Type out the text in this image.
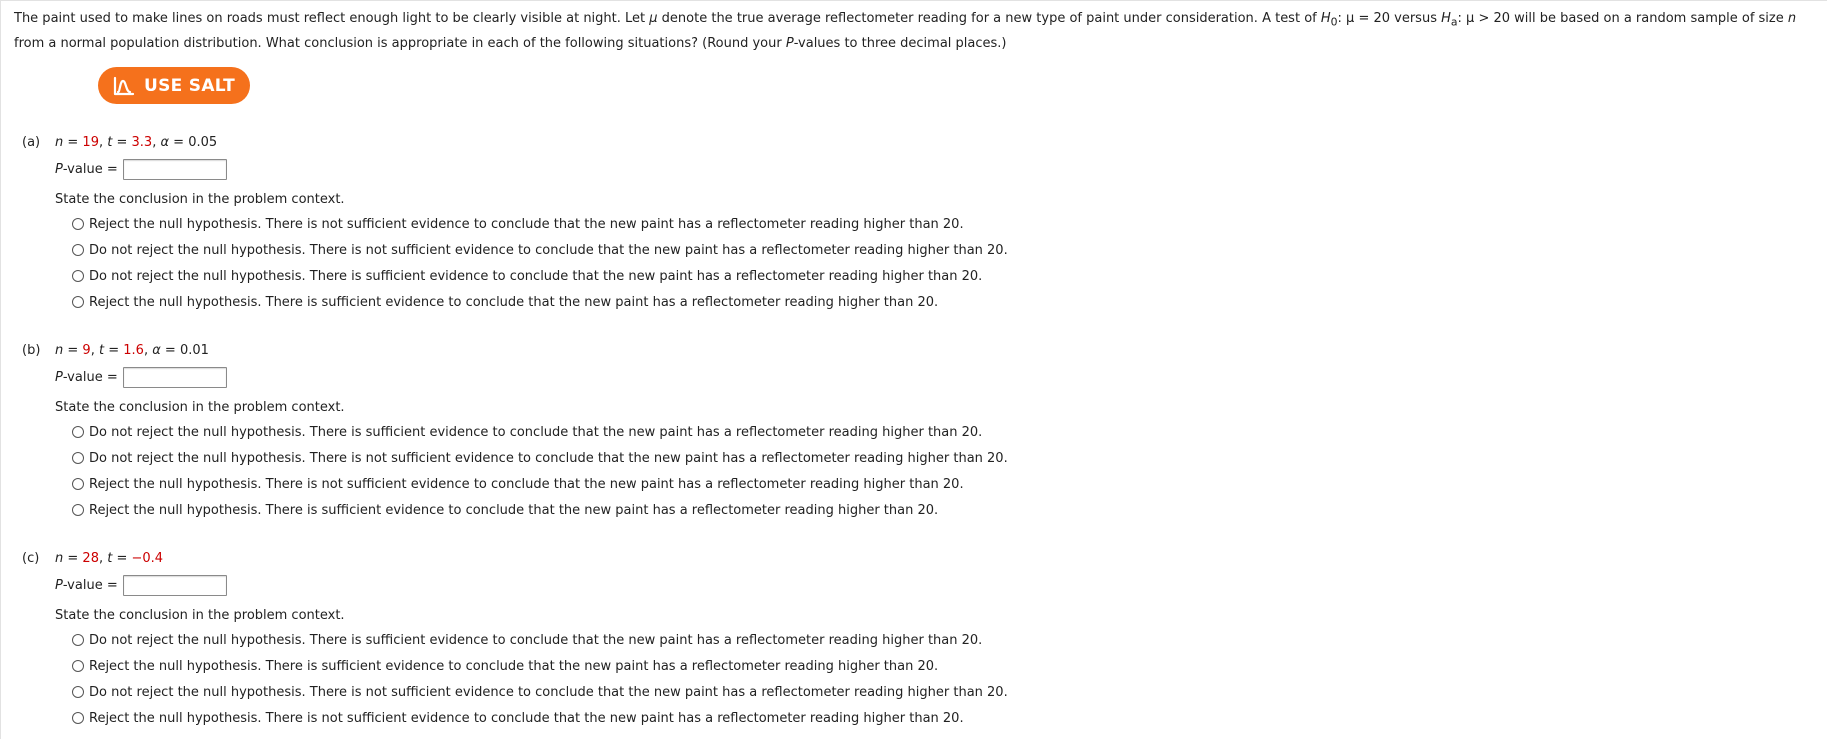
The paint used to make lines on roads must reflect enough light to be clearly visible at night. Let μ denote the true average reflectometer reading for a new type of paint under consideration. A test of $H_0$: μ = 20 versus $H_a$: μ > 20 will be based on a random sample of size n from a normal population distribution. What conclusion is appropriate in each of the following situations? (Round your P-values to three decimal places.)
USE SALT
(a) n = 19, t = 3.3, α = 0.05
P-value =
State the conclusion in the problem context.
Reject the null hypothesis. There is not sufficient evidence to conclude that the new paint has a reflectometer reading higher than 20.
Do not reject the null hypothesis. There is not sufficient evidence to conclude that the new paint has a reflectometer reading higher than 20.
Do not reject the null hypothesis. There is sufficient evidence to conclude that the new paint has a reflectometer reading higher than 20.
Reject the null hypothesis. There is sufficient evidence to conclude that the new paint has a reflectometer reading higher than 20.
(b) n = 9, t = 1.6, α = 0.01
P-value =
State the conclusion in the problem context.
Do not reject the null hypothesis. There is sufficient evidence to conclude that the new paint has a reflectometer reading higher than 20.
Do not reject the null hypothesis. There is not sufficient evidence to conclude that the new paint has a reflectometer reading higher than 20.
Reject the null hypothesis. There is not sufficient evidence to conclude that the new paint has a reflectometer reading higher than 20.
Reject the null hypothesis. There is sufficient evidence to conclude that the new paint has a reflectometer reading higher than 20.
(c) n = 28, t = −0.4
P-value =
State the conclusion in the problem context.
Do not reject the null hypothesis. There is sufficient evidence to conclude that the new paint has a reflectometer reading higher than 20.
Reject the null hypothesis. There is sufficient evidence to conclude that the new paint has a reflectometer reading higher than 20.
Do not reject the null hypothesis. There is not sufficient evidence to conclude that the new paint has a reflectometer reading higher than 20.
Reject the null hypothesis. There is not sufficient evidence to conclude that the new paint has a reflectometer reading higher than 20.
